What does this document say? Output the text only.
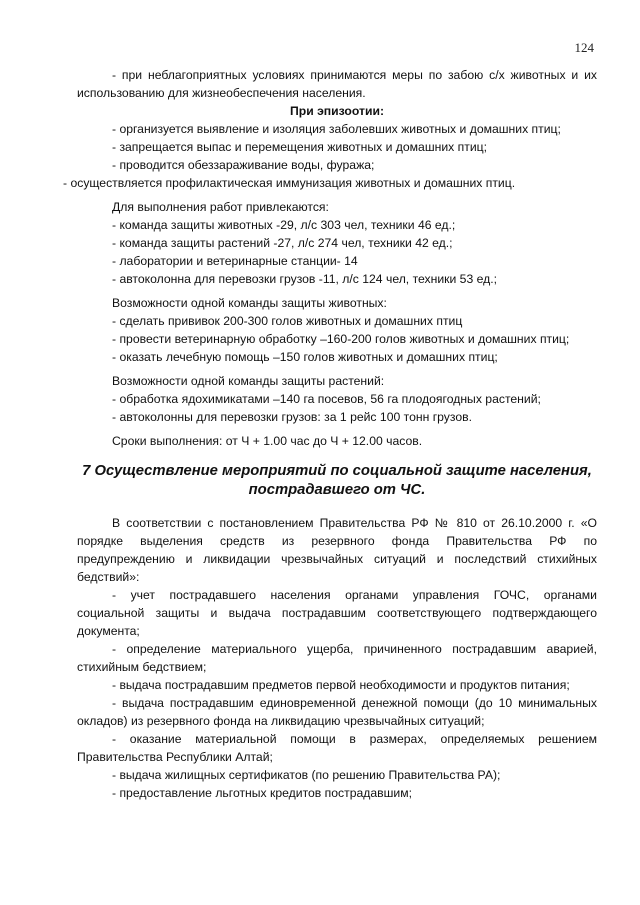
124

- при неблагоприятных условиях принимаются меры по забою с/х животных и их

использованию для жизнеобеспечения населения.

При эпизоотии:

- организуется выявление и изоляция заболевших животных и домашних птиц;

- запрещается выпас и перемещения животных и домашних птиц;

- проводится обеззараживание воды, фуража;

- осуществляется профилактическая иммунизация животных и домашних птиц.

Для выполнения работ привлекаются:

- команда защиты животных -29, л/с 303 чел, техники 46 ед.;

- команда защиты растений -27, л/с 274 чел, техники 42 ед.;

- лаборатории и ветеринарные станции- 14

- автоколонна для перевозки грузов -11, л/с 124 чел, техники 53 ед.;

Возможности одной команды защиты животных:

- сделать прививок 200-300 голов животных и домашних птиц

- провести ветеринарную обработку –160-200 голов животных и домашних птиц;

- оказать лечебную помощь –150 голов животных и домашних птиц;

Возможности одной команды защиты растений:

- обработка ядохимикатами –140 га посевов, 56 га плодоягодных растений;

- автоколонны для перевозки грузов: за 1 рейс 100 тонн грузов.

Сроки выполнения: от Ч + 1.00 час до Ч + 12.00 часов.

7 Осуществление мероприятий по социальной защите населения,
пострадавшего от ЧС.

В соответствии с постановлением Правительства РФ № 810 от 26.10.2000 г. «О

порядке выделения средств из резервного фонда Правительства РФ по

предупреждению и ликвидации чрезвычайных ситуаций и последствий стихийных

бедствий»:

- учет пострадавшего населения органами управления ГОЧС, органами

социальной защиты и выдача пострадавшим соответствующего подтверждающего

документа;

- определение материального ущерба, причиненного пострадавшим аварией,

стихийным бедствием;

- выдача пострадавшим предметов первой необходимости и продуктов питания;

- выдача пострадавшим единовременной денежной помощи (до 10 минимальных

окладов) из резервного фонда на ликвидацию чрезвычайных ситуаций;

- оказание материальной помощи в размерах, определяемых решением

Правительства Республики Алтай;

- выдача жилищных сертификатов (по решению Правительства РА);

- предоставление льготных кредитов пострадавшим;
